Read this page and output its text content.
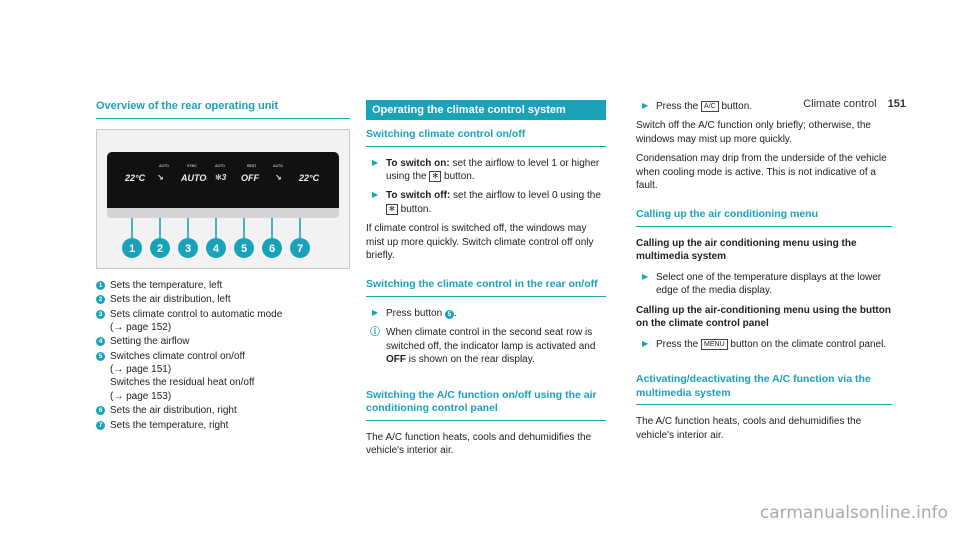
Climate control 151
Overview of the rear operating unit
AUTO	SYNC	AUTO	REST	AUTO
22°C ↘ AUTO ✻3 OFF ↘ 22°C
1 2 3 4 5 6 7
1 Sets the temperature, left
2 Sets the air distribution, left
3 Sets climate control to automatic mode
(→ page 152)
4 Setting the airflow
5 Switches climate control on/off
(→ page 151)
Switches the residual heat on/off
(→ page 153)
6 Sets the air distribution, right
7 Sets the temperature, right
Operating the climate control system
Switching climate control on/off
▶ To switch on: set the airflow to level 1 or higher using the ✻ button.
▶ To switch off: set the airflow to level 0 using the ✻ button.

If climate control is switched off, the windows may mist up more quickly. Switch climate control off only briefly.

Switching the climate control in the rear on/off
▶ Press button 5 .
ⓘ When climate control in the second seat row is switched off, the indicator lamp is activated and OFF is shown on the rear display.
Switching the A/C function on/off using the air conditioning control panel

The A/C function heats, cools and dehumidifies the vehicle's interior air.

▶ Press the A/C button.

Switch off the A/C function only briefly; otherwise, the windows may mist up more quickly.

Condensation may drip from the underside of the vehicle when cooling mode is active. This is not indicative of a fault.

Calling up the air conditioning menu
Calling up the air conditioning menu using the multimedia system
▶ Select one of the temperature displays at the lower edge of the media display.
Calling up the air-conditioning menu using the button on the climate control panel
▶ Press the MENU button on the climate control panel.
Activating/deactivating the A/C function via the multimedia system

The A/C function heats, cools and dehumidifies the vehicle's interior air.

carmanualsonline.info
